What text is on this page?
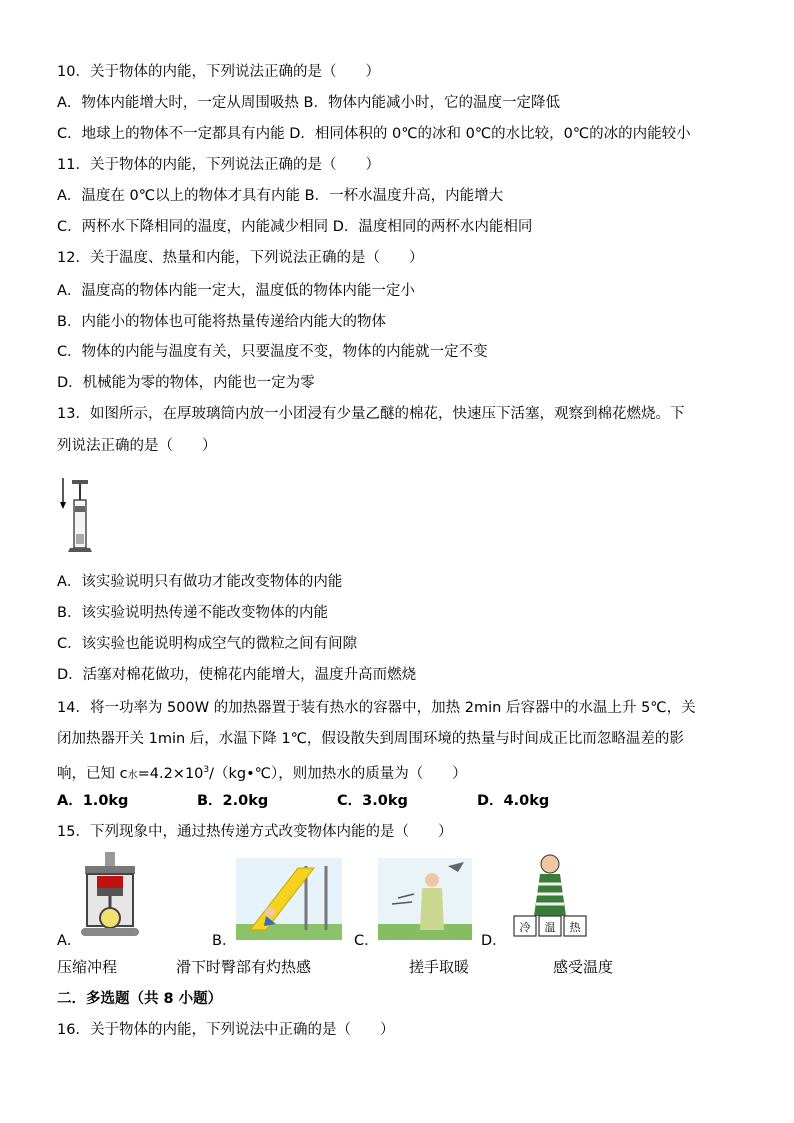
10．关于物体的内能，下列说法正确的是（　　）
A．物体内能增大时，一定从周围吸热 B．物体内能减小时，它的温度一定降低
C．地球上的物体不一定都具有内能 D．相同体积的 0℃的冰和 0℃的水比较，0℃的冰的内能较小
11．关于物体的内能，下列说法正确的是（　　）
A．温度在 0℃以上的物体才具有内能 B．一杯水温度升高，内能增大
C．两杯水下降相同的温度，内能减少相同 D．温度相同的两杯水内能相同
12．关于温度、热量和内能，下列说法正确的是（　　）
A．温度高的物体内能一定大，温度低的物体内能一定小
B．内能小的物体也可能将热量传递给内能大的物体
C．物体的内能与温度有关，只要温度不变，物体的内能就一定不变
D．机械能为零的物体，内能也一定为零
13．如图所示，在厚玻璃筒内放一小团浸有少量乙醚的棉花，快速压下活塞，观察到棉花燃烧。下
列说法正确的是（　　）
A．该实验说明只有做功才能改变物体的内能
B．该实验说明热传递不能改变物体的内能
C．该实验也能说明构成空气的微粒之间有间隙
D．活塞对棉花做功，使棉花内能增大，温度升高而燃烧
14．将一功率为 500W 的加热器置于装有热水的容器中，加热 2min 后容器中的水温上升 5℃，关
闭加热器开关 1min 后，水温下降 1℃，假设散失到周围环境的热量与时间成正比而忽略温差的影
响，已知 c水$=4.2\times 10^3/(kg•℃)$，则加热水的质量为（　　）
A．1.0kg	B．2.0kg	C．3.0kg	D．4.0kg
15．下列现象中，通过热传递方式改变物体内能的是（　　）
冷 温 热
A．	B．	C．	D．
压缩冲程	滑下时臀部有灼热感	搓手取暖	感受温度
二．多选题（共 8 小题）
16．关于物体的内能，下列说法中正确的是（　　）
